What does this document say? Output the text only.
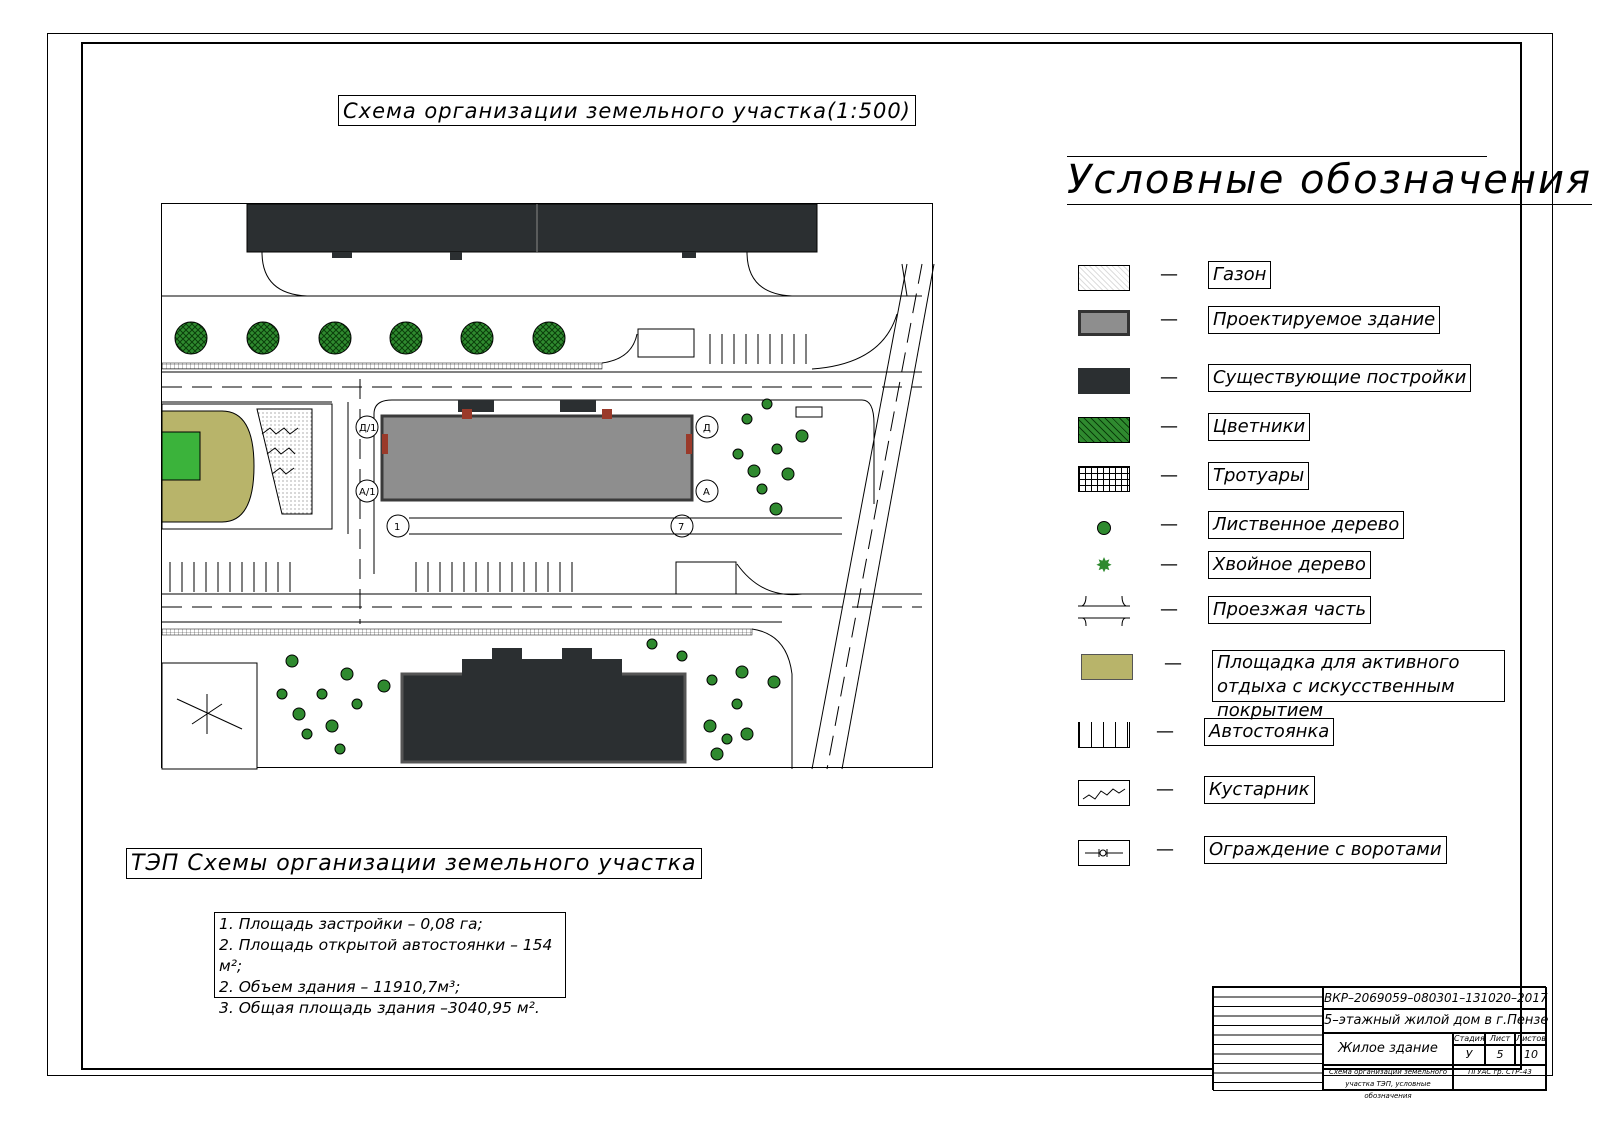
Схема организации земельного участка(1:500)
Д/1	Д
А/1	А
1	7
Условные обозначения
— Газон
— Проектируемое здание
— Существующие постройки
— Цветники
— Тротуары
— Лиственное дерево
✸	— Хвойное дерево
— Проезжая часть
— Площадка для активного отдыха с искусственным покрытием
— Автостоянка
— Кустарник
— Ограждение с воротами
ТЭП Схемы организации земельного участка
1. Площадь застройки – 0,08 га;
2. Площадь открытой автостоянки – 154 м²;
2. Объем здания – 11910,7м³;
3. Общая площадь здания –3040,95 м².
ВКР–2069059–080301–131020–2017
5–этажный жилой дом в г.Пензе
Жилое здание
Стадия Лист Листов
У	5	10
Схема организации земельного участка ТЭП, условные обозначения
ПГУАС гр. СТР–43
